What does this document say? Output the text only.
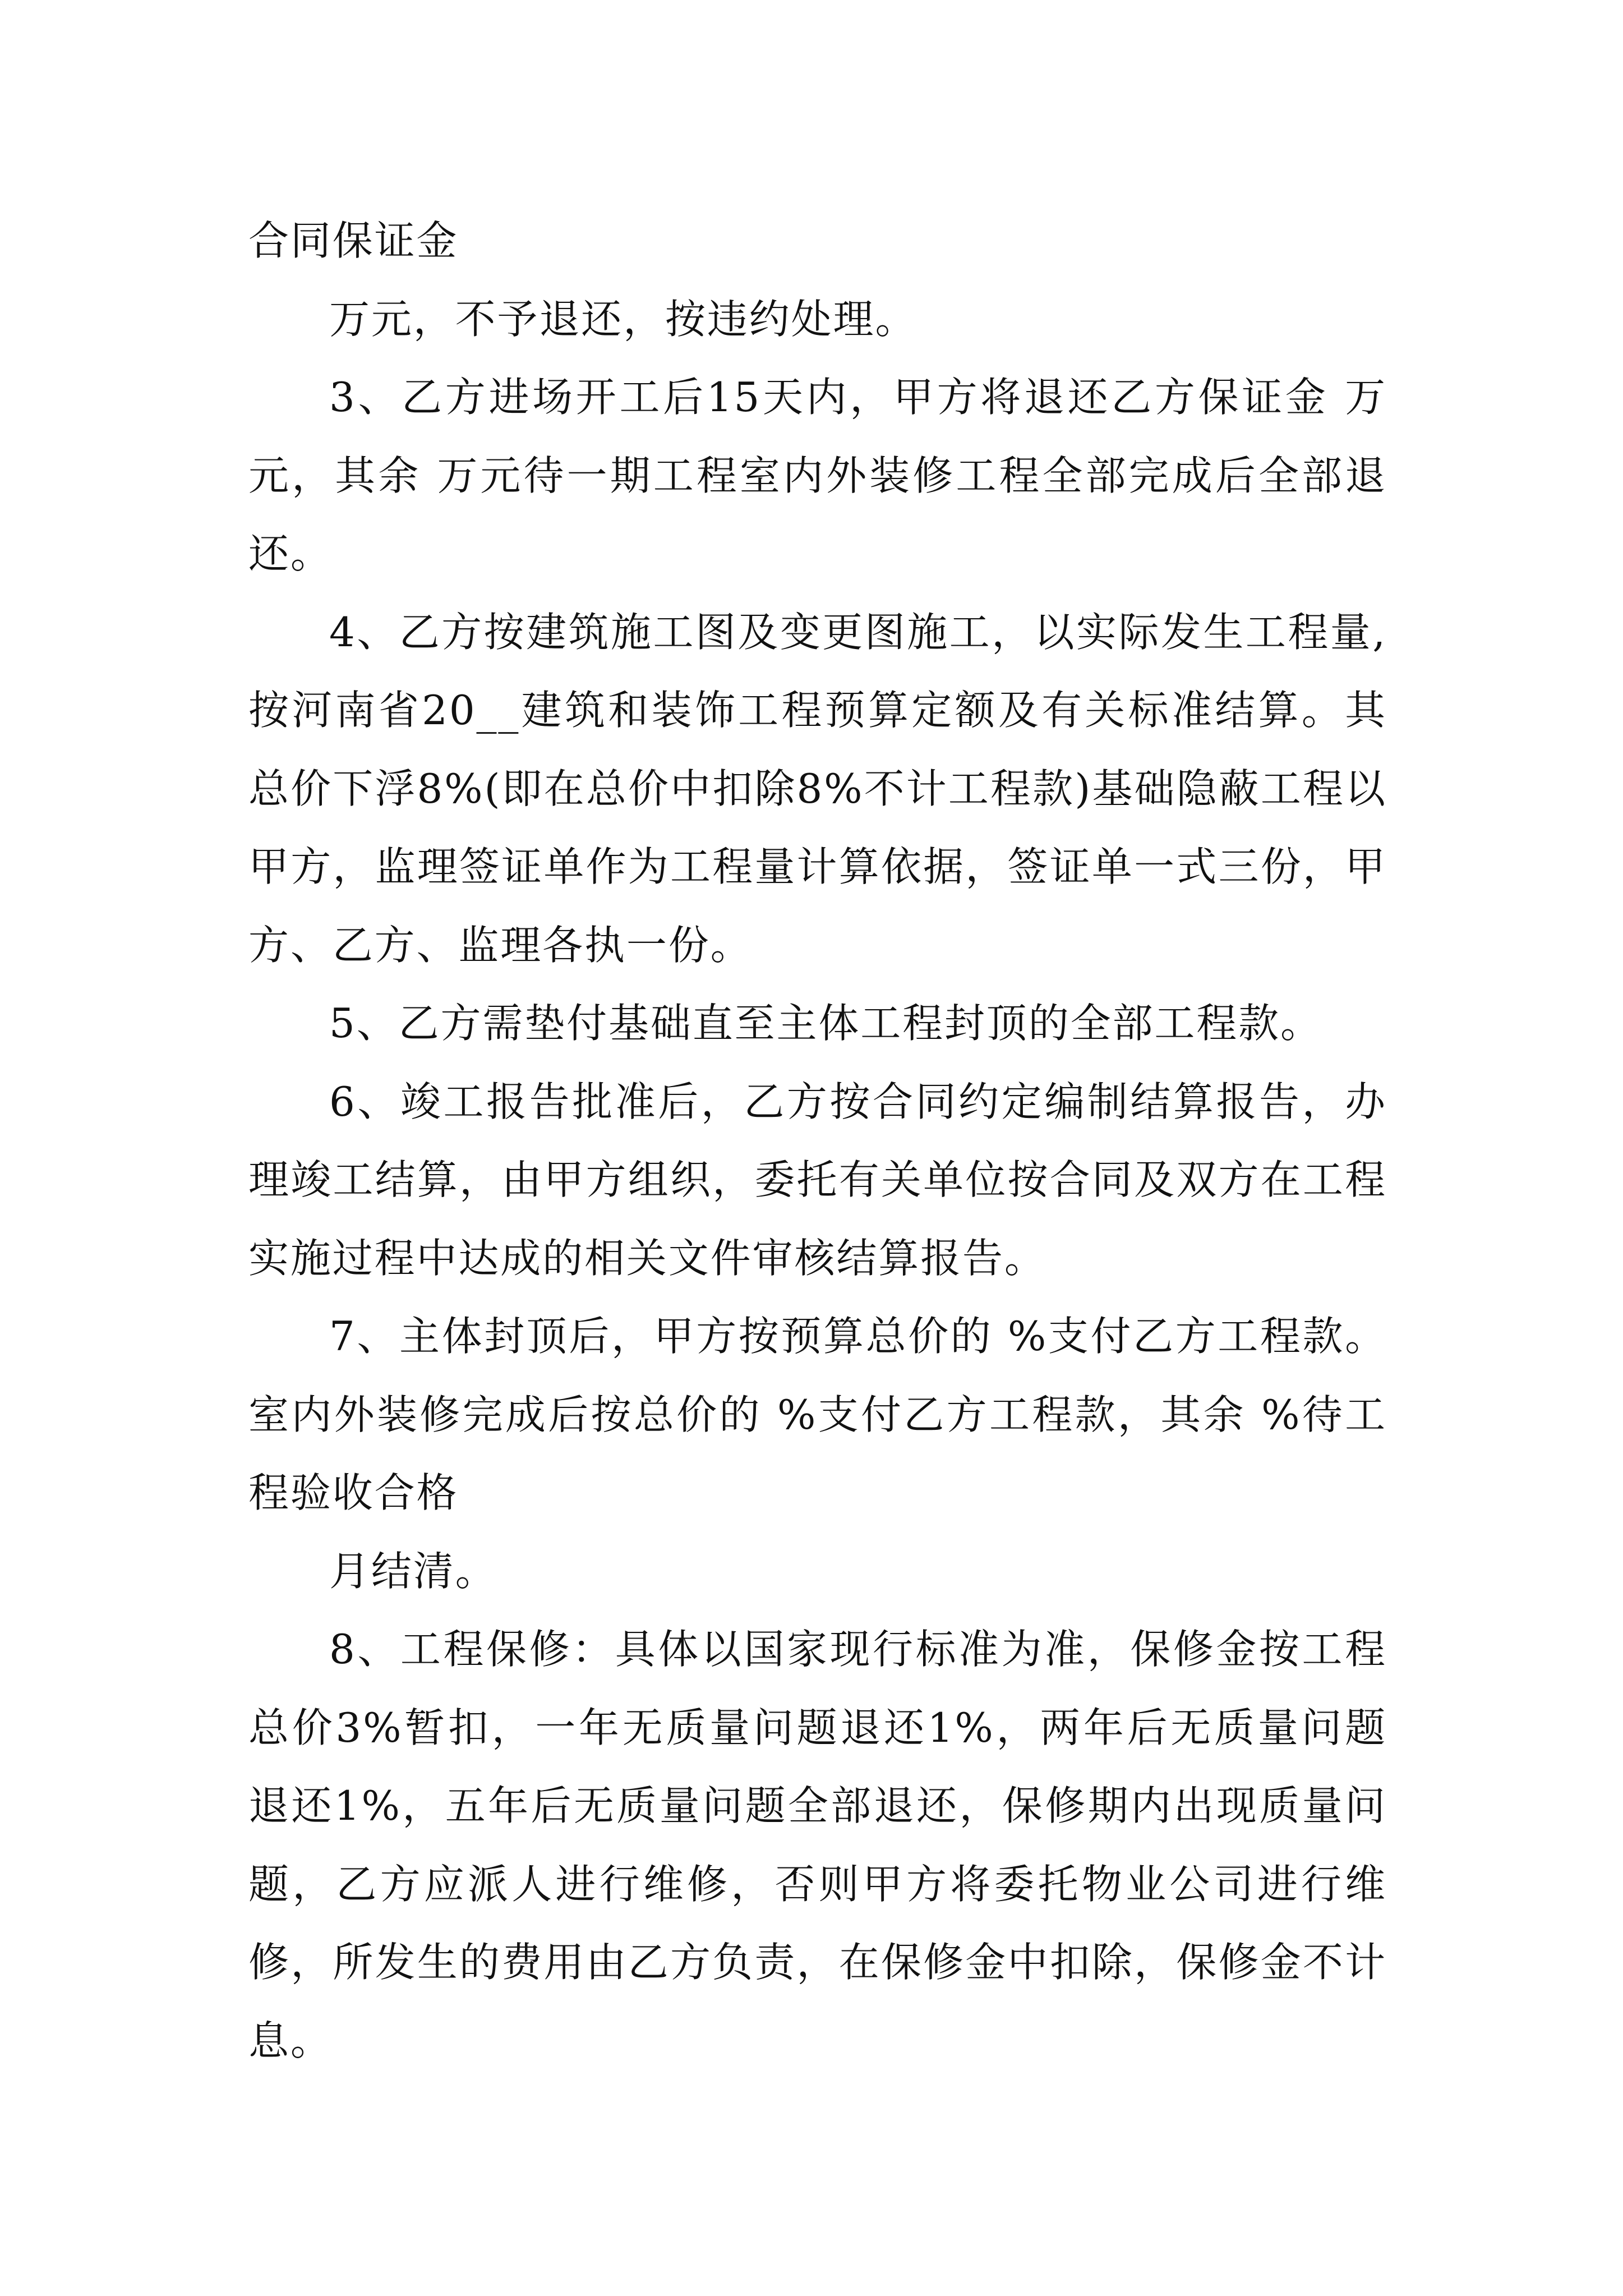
合同保证金

万元，不予退还，按违约处理。

3、乙方进场开工后15天内，甲方将退还乙方保证金 万元，其余 万元待一期工程室内外装修工程全部完成后全部退还。

4、乙方按建筑施工图及变更图施工，以实际发生工程量,按河南省20__建筑和装饰工程预算定额及有关标准结算。其总价下浮8%(即在总价中扣除8%不计工程款)基础隐蔽工程以甲方，监理签证单作为工程量计算依据，签证单一式三份，甲方、乙方、监理各执一份。

5、乙方需垫付基础直至主体工程封顶的全部工程款。

6、竣工报告批准后，乙方按合同约定编制结算报告，办理竣工结算，由甲方组织，委托有关单位按合同及双方在工程实施过程中达成的相关文件审核结算报告。

7、主体封顶后，甲方按预算总价的 %支付乙方工程款。室内外装修完成后按总价的 %支付乙方工程款，其余 %待工程验收合格

月结清。

8、工程保修：具体以国家现行标准为准，保修金按工程总价3%暂扣，一年无质量问题退还1%，两年后无质量问题退还1%，五年后无质量问题全部退还，保修期内出现质量问题，乙方应派人进行维修，否则甲方将委托物业公司进行维修，所发生的费用由乙方负责，在保修金中扣除，保修金不计息。
